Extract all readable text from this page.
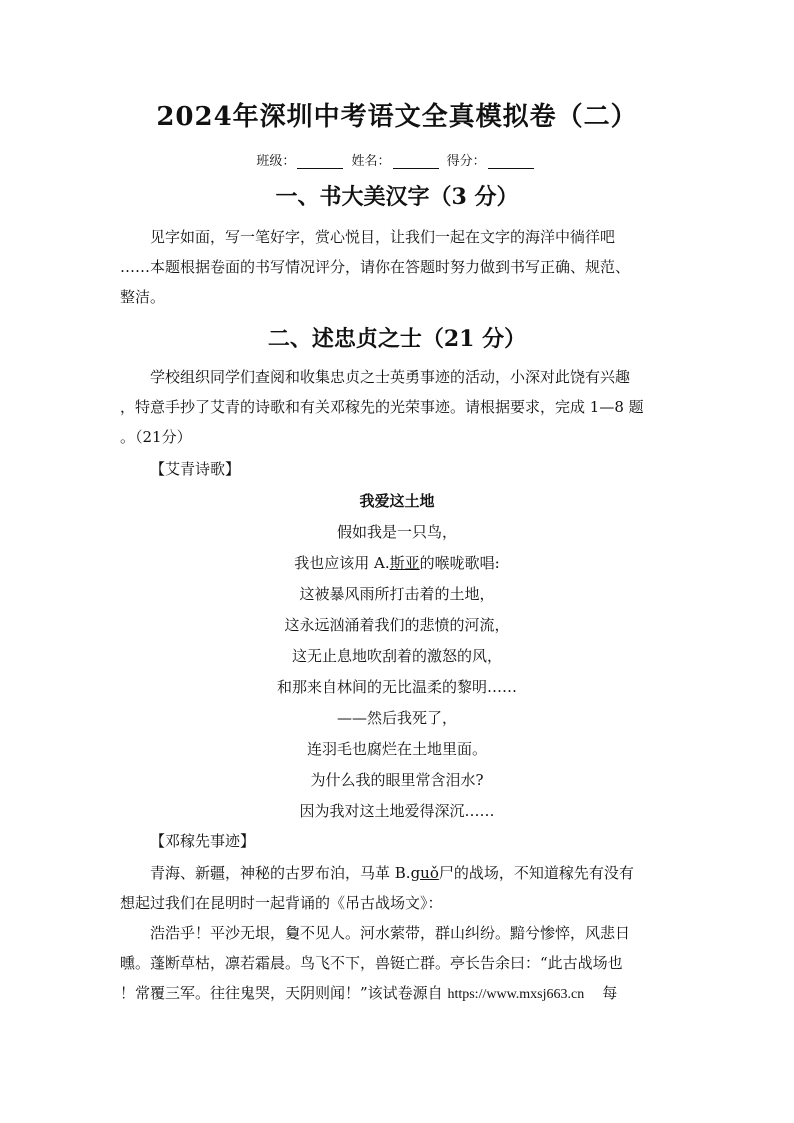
2024年深圳中考语文全真模拟卷（二）
班级：	姓名：	得分：
一、书大美汉字（3 分）
见字如面，写一笔好字，赏心悦目，让我们一起在文字的海洋中徜徉吧
……本题根据卷面的书写情况评分，请你在答题时努力做到书写正确、规范、
整洁。
二、述忠贞之士（21 分）
学校组织同学们查阅和收集忠贞之士英勇事迹的活动，小深对此饶有兴趣
，特意手抄了艾青的诗歌和有关邓稼先的光荣事迹。请根据要求，完成 1—8 题
。（21分）
【艾青诗歌】
我爱这土地
假如我是一只鸟，
我也应该用 A.斯亚的喉咙歌唱:
这被暴风雨所打击着的土地，
这永远汹涌着我们的悲愤的河流，
这无止息地吹刮着的激怒的风，
和那来自林间的无比温柔的黎明……
——然后我死了，
连羽毛也腐烂在土地里面。
为什么我的眼里常含泪水?
因为我对这土地爱得深沉……
【邓稼先事迹】
青海、新疆，神秘的古罗布泊，马革 B.guǒ尸的战场，不知道稼先有没有
想起过我们在昆明时一起背诵的《吊古战场文》：
浩浩乎！平沙无垠，敻不见人。河水萦带，群山纠纷。黯兮惨悴，风悲日
曛。蓬断草枯，凛若霜晨。鸟飞不下，兽铤亡群。亭长告余曰：“此古战场也
！常覆三军。往往鬼哭，天阴则闻！”该试卷源自 https://www.mxsj663.cn 每
